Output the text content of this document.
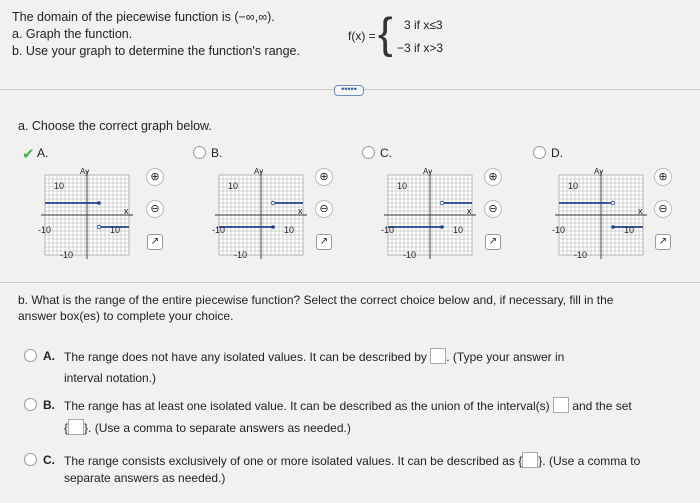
The domain of the piecewise function is (−∞,∞).
a. Graph the function.
b. Use your graph to determine the function's range.
f(x) = { 3 if x≤3
−3 if x>3
•••••
a. Choose the correct graph below.
✔ A.	B.	C.	D.
10
Ay
x
-10	10
-10
⊕
⊖
↗
10
Ay
x
-10	10
-10
⊕
⊖
↗
10
Ay
x
-10	10
-10
⊕
⊖
↗
10
Ay
x
-10	10
-10
⊕
⊖
↗
b. What is the range of the entire piecewise function? Select the correct choice below and, if necessary, fill in the
answer box(es) to complete your choice.
A. The range does not have any isolated values. It can be described by . (Type your answer in
interval notation.)
B. The range has at least one isolated value. It can be described as the union of the interval(s) and the set
{ }. (Use a comma to separate answers as needed.)
C. The range consists exclusively of one or more isolated values. It can be described as { }. (Use a comma to
separate answers as needed.)
